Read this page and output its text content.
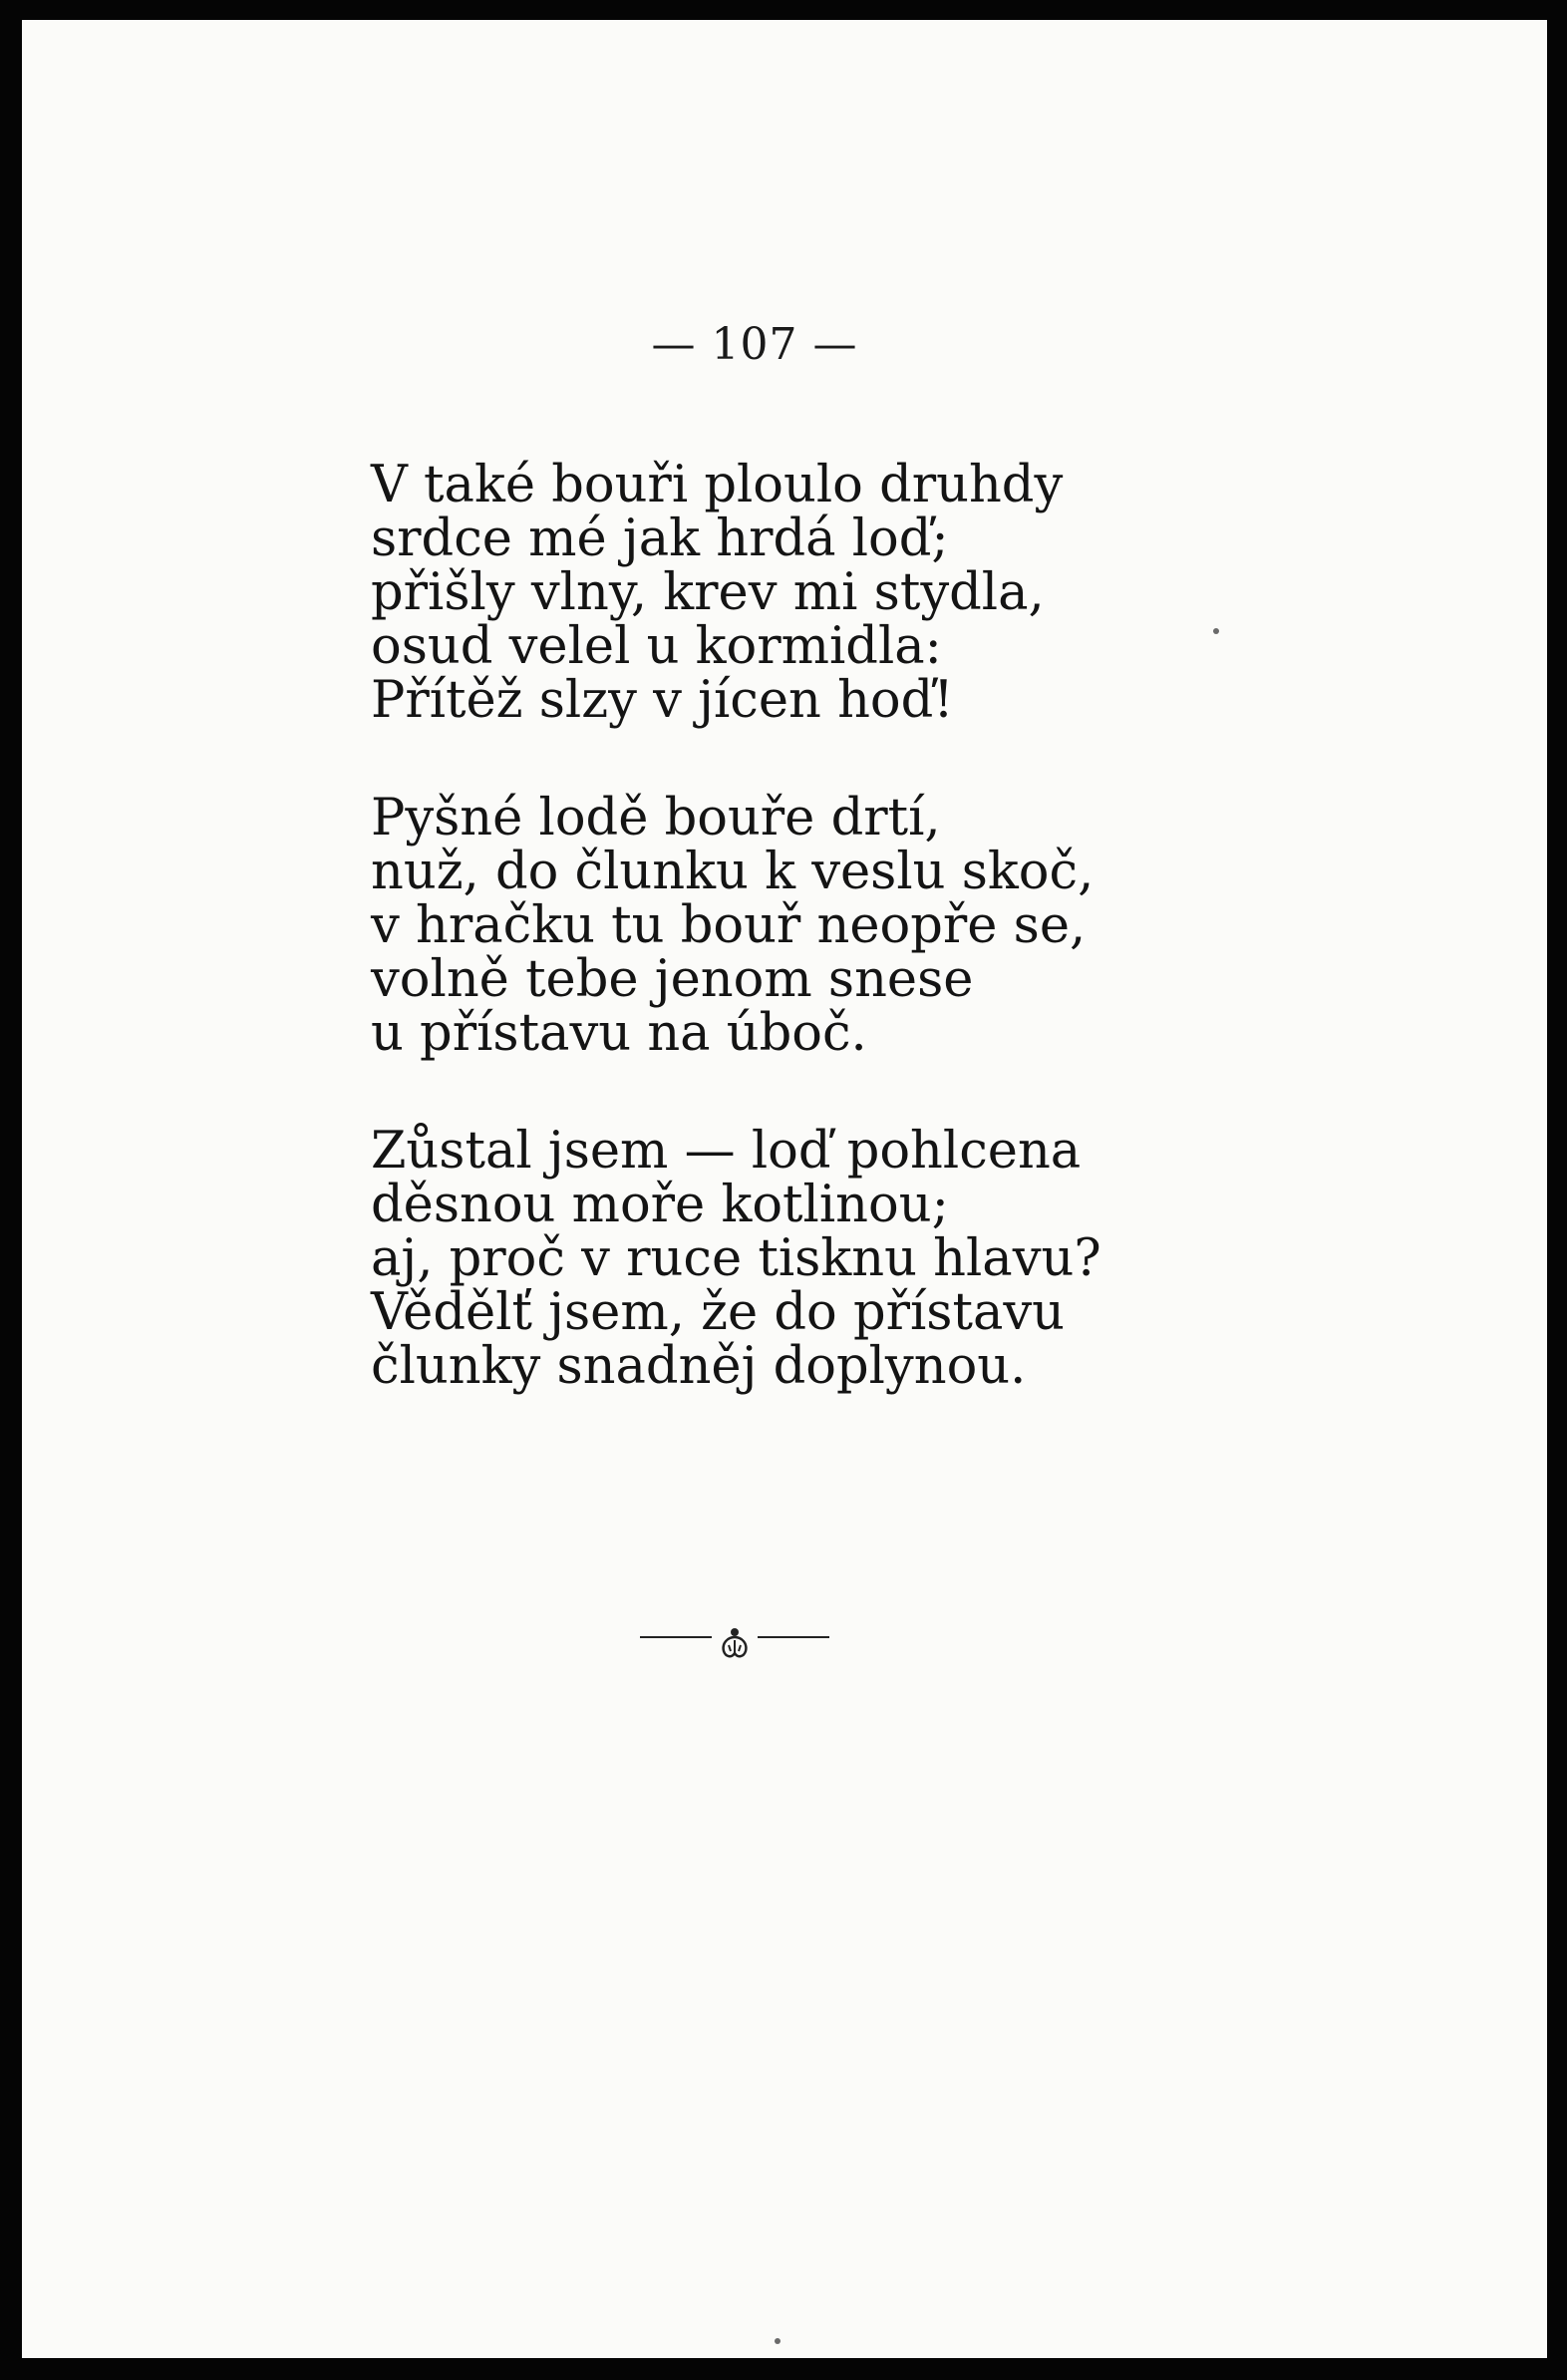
— 107 —
V také bouři ploulo druhdy
srdce mé jak hrdá loď;
přišly vlny, krev mi stydla,
osud velel u kormidla:
Přítěž slzy v jícen hoď!
Pyšné lodě bouře drtí,
nuž, do člunku k veslu skoč,
v hračku tu bouř neopře se,
volně tebe jenom snese
u přístavu na úboč.
Zůstal jsem — loď pohlcena
děsnou moře kotlinou;
aj, proč v ruce tisknu hlavu?
Vědělť jsem, že do přístavu
člunky snadněj doplynou.
